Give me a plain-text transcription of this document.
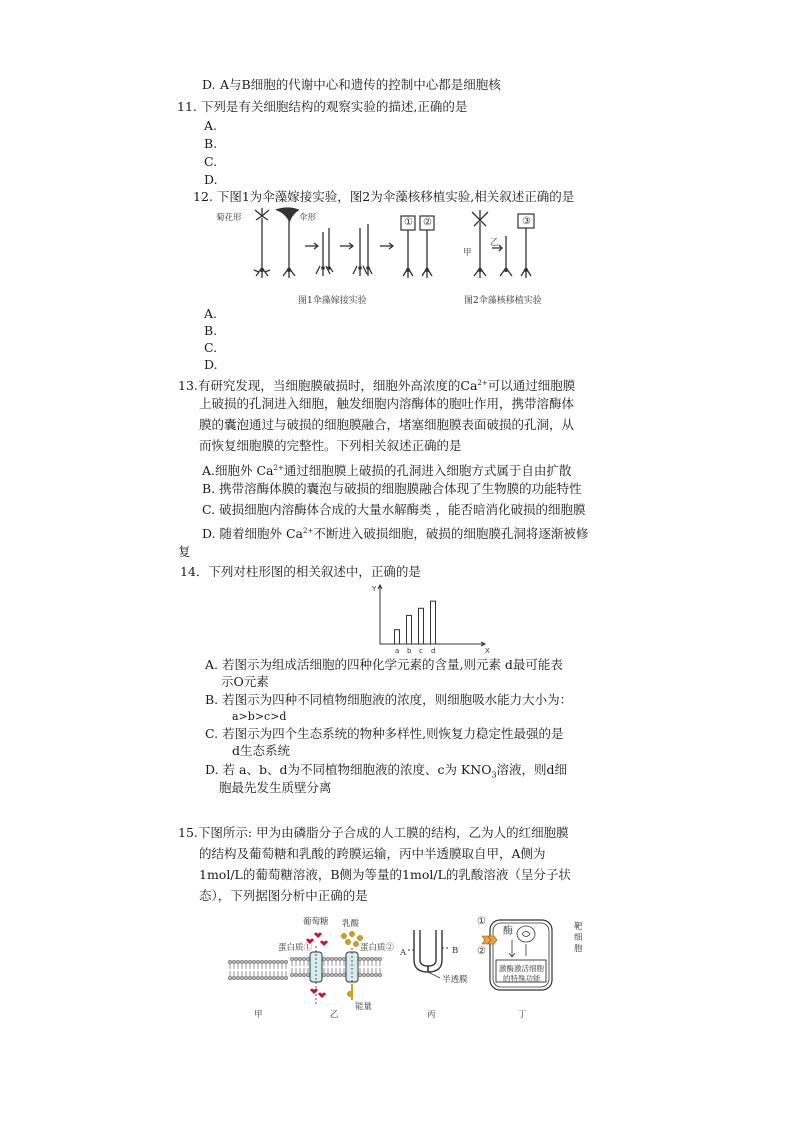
D. A与B细胞的代谢中心和遗传的控制中心都是细胞核
11. 下列是有关细胞结构的观察实验的描述,正确的是
A.
B.
C.
D.
12. 下图1为伞藻嫁接实验，图2为伞藻核移植实验,相关叙述正确的是
菊花形	伞形	① ②
甲
乙
③
图1伞藻嫁接实验	图2伞藻核移植实验
A.
B.
C.
D.
13.有研究发现，当细胞膜破损时，细胞外高浓度的$Ca^{2+}$可以通过细胞膜
上破损的孔洞进入细胞，触发细胞内溶酶体的胞吐作用，携带溶酶体
膜的囊泡通过与破损的细胞膜融合，堵塞细胞膜表面破损的孔洞，从
而恢复细胞膜的完整性。下列相关叙述正确的是
A.细胞外 $Ca^{2+}$通过细胞膜上破损的孔洞进入细胞方式属于自由扩散
B. 携带溶酶体膜的囊泡与破损的细胞膜融合体现了生物膜的功能特性
C. 破损细胞内溶酶体合成的大量水解酶类 ，能否暗消化破损的细胞膜
D. 随着细胞外 $Ca^{2+}$不断进入破损细胞，破损的细胞膜孔洞将逐渐被修
复
14．下列对柱形图的相关叙述中，正确的是
Y
X
a b c d
A. 若图示为组成活细胞的四种化学元素的含量,则元素 d最可能表
示O元素
B. 若图示为四种不同植物细胞液的浓度，则细胞吸水能力大小为：
a>b>c>d
C. 若图示为四个生态系统的物种多样性,则恢复力稳定性最强的是
d生态系统
D. 若 a、b、d为不同植物细胞液的浓度、c为 $KNO_3$溶液，则d细
胞最先发生质壁分离
15.下图所示: 甲为由磷脂分子合成的人工膜的结构，乙为人的红细胞膜
的结构及葡萄糖和乳酸的跨膜运输，丙中半透膜取自甲，A侧为
1mol/L的葡萄糖溶液，B侧为等量的1mol/L的乳酸溶液（呈分子状
态），下列据图分析中正确的是
葡萄糖 乳酸
蛋白质①	蛋白质②
能量
A	B
半透膜
①
②
酶	靶细胞
激酶激活细胞
的特殊功能
甲	乙	丙	丁
